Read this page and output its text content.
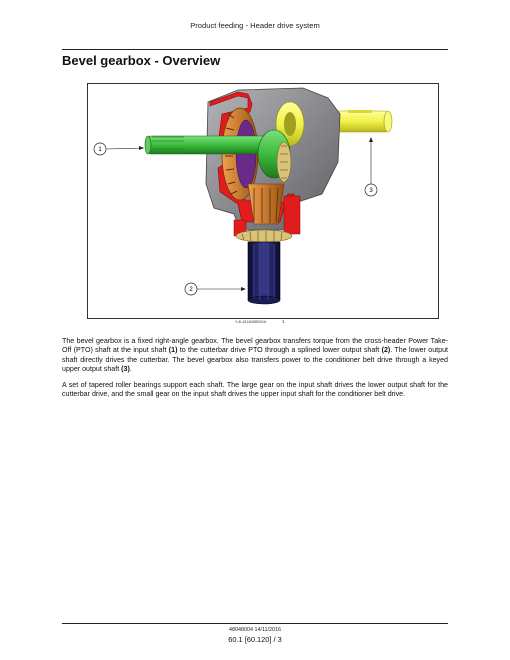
Product feeding - Header drive system
Bevel gearbox - Overview
1
2
3
Y-4L1514006BGKA	1

The bevel gearbox is a fixed right-angle gearbox. The bevel gearbox transfers torque from the cross-header Power Take-Off (PTO) shaft at the input shaft (1) to the cutterbar drive PTO through a splined lower output shaft (2). The lower output shaft directly drives the cutterbar. The bevel gearbox also transfers power to the conditioner belt drive through a keyed upper output shaft (3).

A set of tapered roller bearings support each shaft. The large gear on the input shaft drives the lower output shaft for the cutterbar drive, and the small gear on the input shaft drives the upper input shaft for the conditioner belt drive.

48048004 14/11/2016
60.1 [60.120] / 3
